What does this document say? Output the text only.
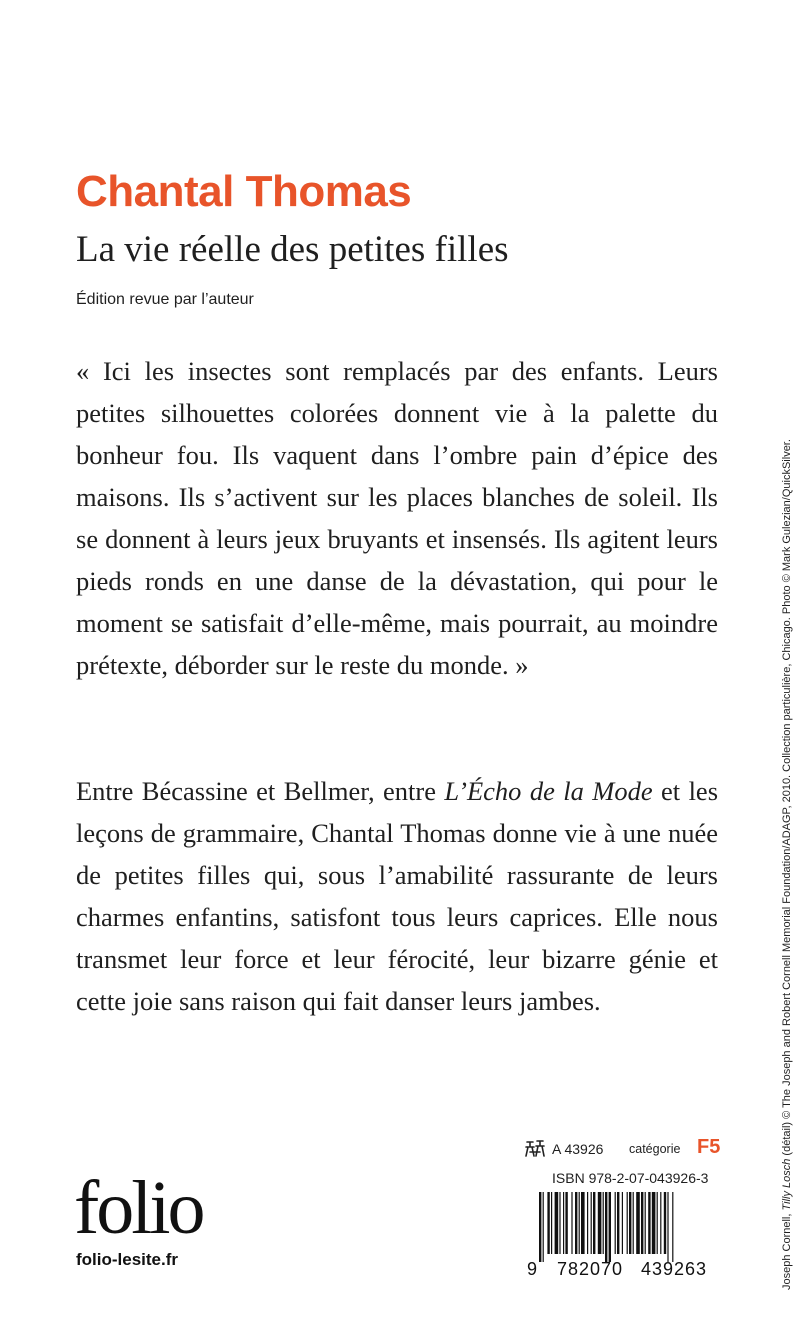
Chantal Thomas
La vie réelle des petites filles
Édition revue par l’auteur

« Ici les insectes sont remplacés par des enfants. Leurs petites silhouettes colorées donnent vie à la palette du bonheur fou. Ils vaquent dans l’ombre pain d’épice des maisons. Ils s’activent sur les places blanches de soleil. Ils se donnent à leurs jeux bruyants et insensés. Ils agitent leurs pieds ronds en une danse de la dévastation, qui pour le moment se satisfait d’elle-même, mais pourrait, au moindre prétexte, déborder sur le reste du monde. »

Entre Bécassine et Bellmer, entre L’Écho de la Mode et les leçons de grammaire, Chantal Thomas donne vie à une nuée de petites filles qui, sous l’amabilité rassurante de leurs charmes enfantins, satisfont tous leurs caprices. Elle nous transmet leur force et leur férocité, leur bizarre génie et cette joie sans raison qui fait danser leurs jambes.

Joseph Cornell, Tilly Losch (détail) © The Joseph and Robert Cornell Memorial Foundation/ADAGP, 2010. Collection particulière, Chicago. Photo © Mark Gulezian/QuickSilver.
folio
folio-lesite.fr
A 43926 catégorie F5
ISBN 978-2-07-043926-3
9 782070 439263
